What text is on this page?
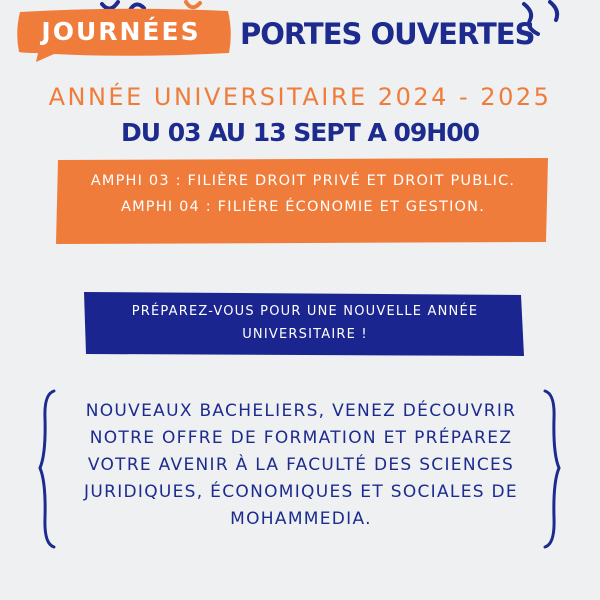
JOURNÉES	PORTES OUVERTES
ANNÉE UNIVERSITAIRE 2024 - 2025
DU 03 AU 13 SEPT A 09H00
AMPHI 03 : FILIÈRE DROIT PRIVÉ ET DROIT PUBLIC.
AMPHI 04 : FILIÈRE ÉCONOMIE ET GESTION.
PRÉPAREZ-VOUS POUR UNE NOUVELLE ANNÉE
UNIVERSITAIRE !
NOUVEAUX BACHELIERS, VENEZ DÉCOUVRIR
NOTRE OFFRE DE FORMATION ET PRÉPAREZ
VOTRE AVENIR À LA FACULTÉ DES SCIENCES
JURIDIQUES, ÉCONOMIQUES ET SOCIALES DE
MOHAMMEDIA.
